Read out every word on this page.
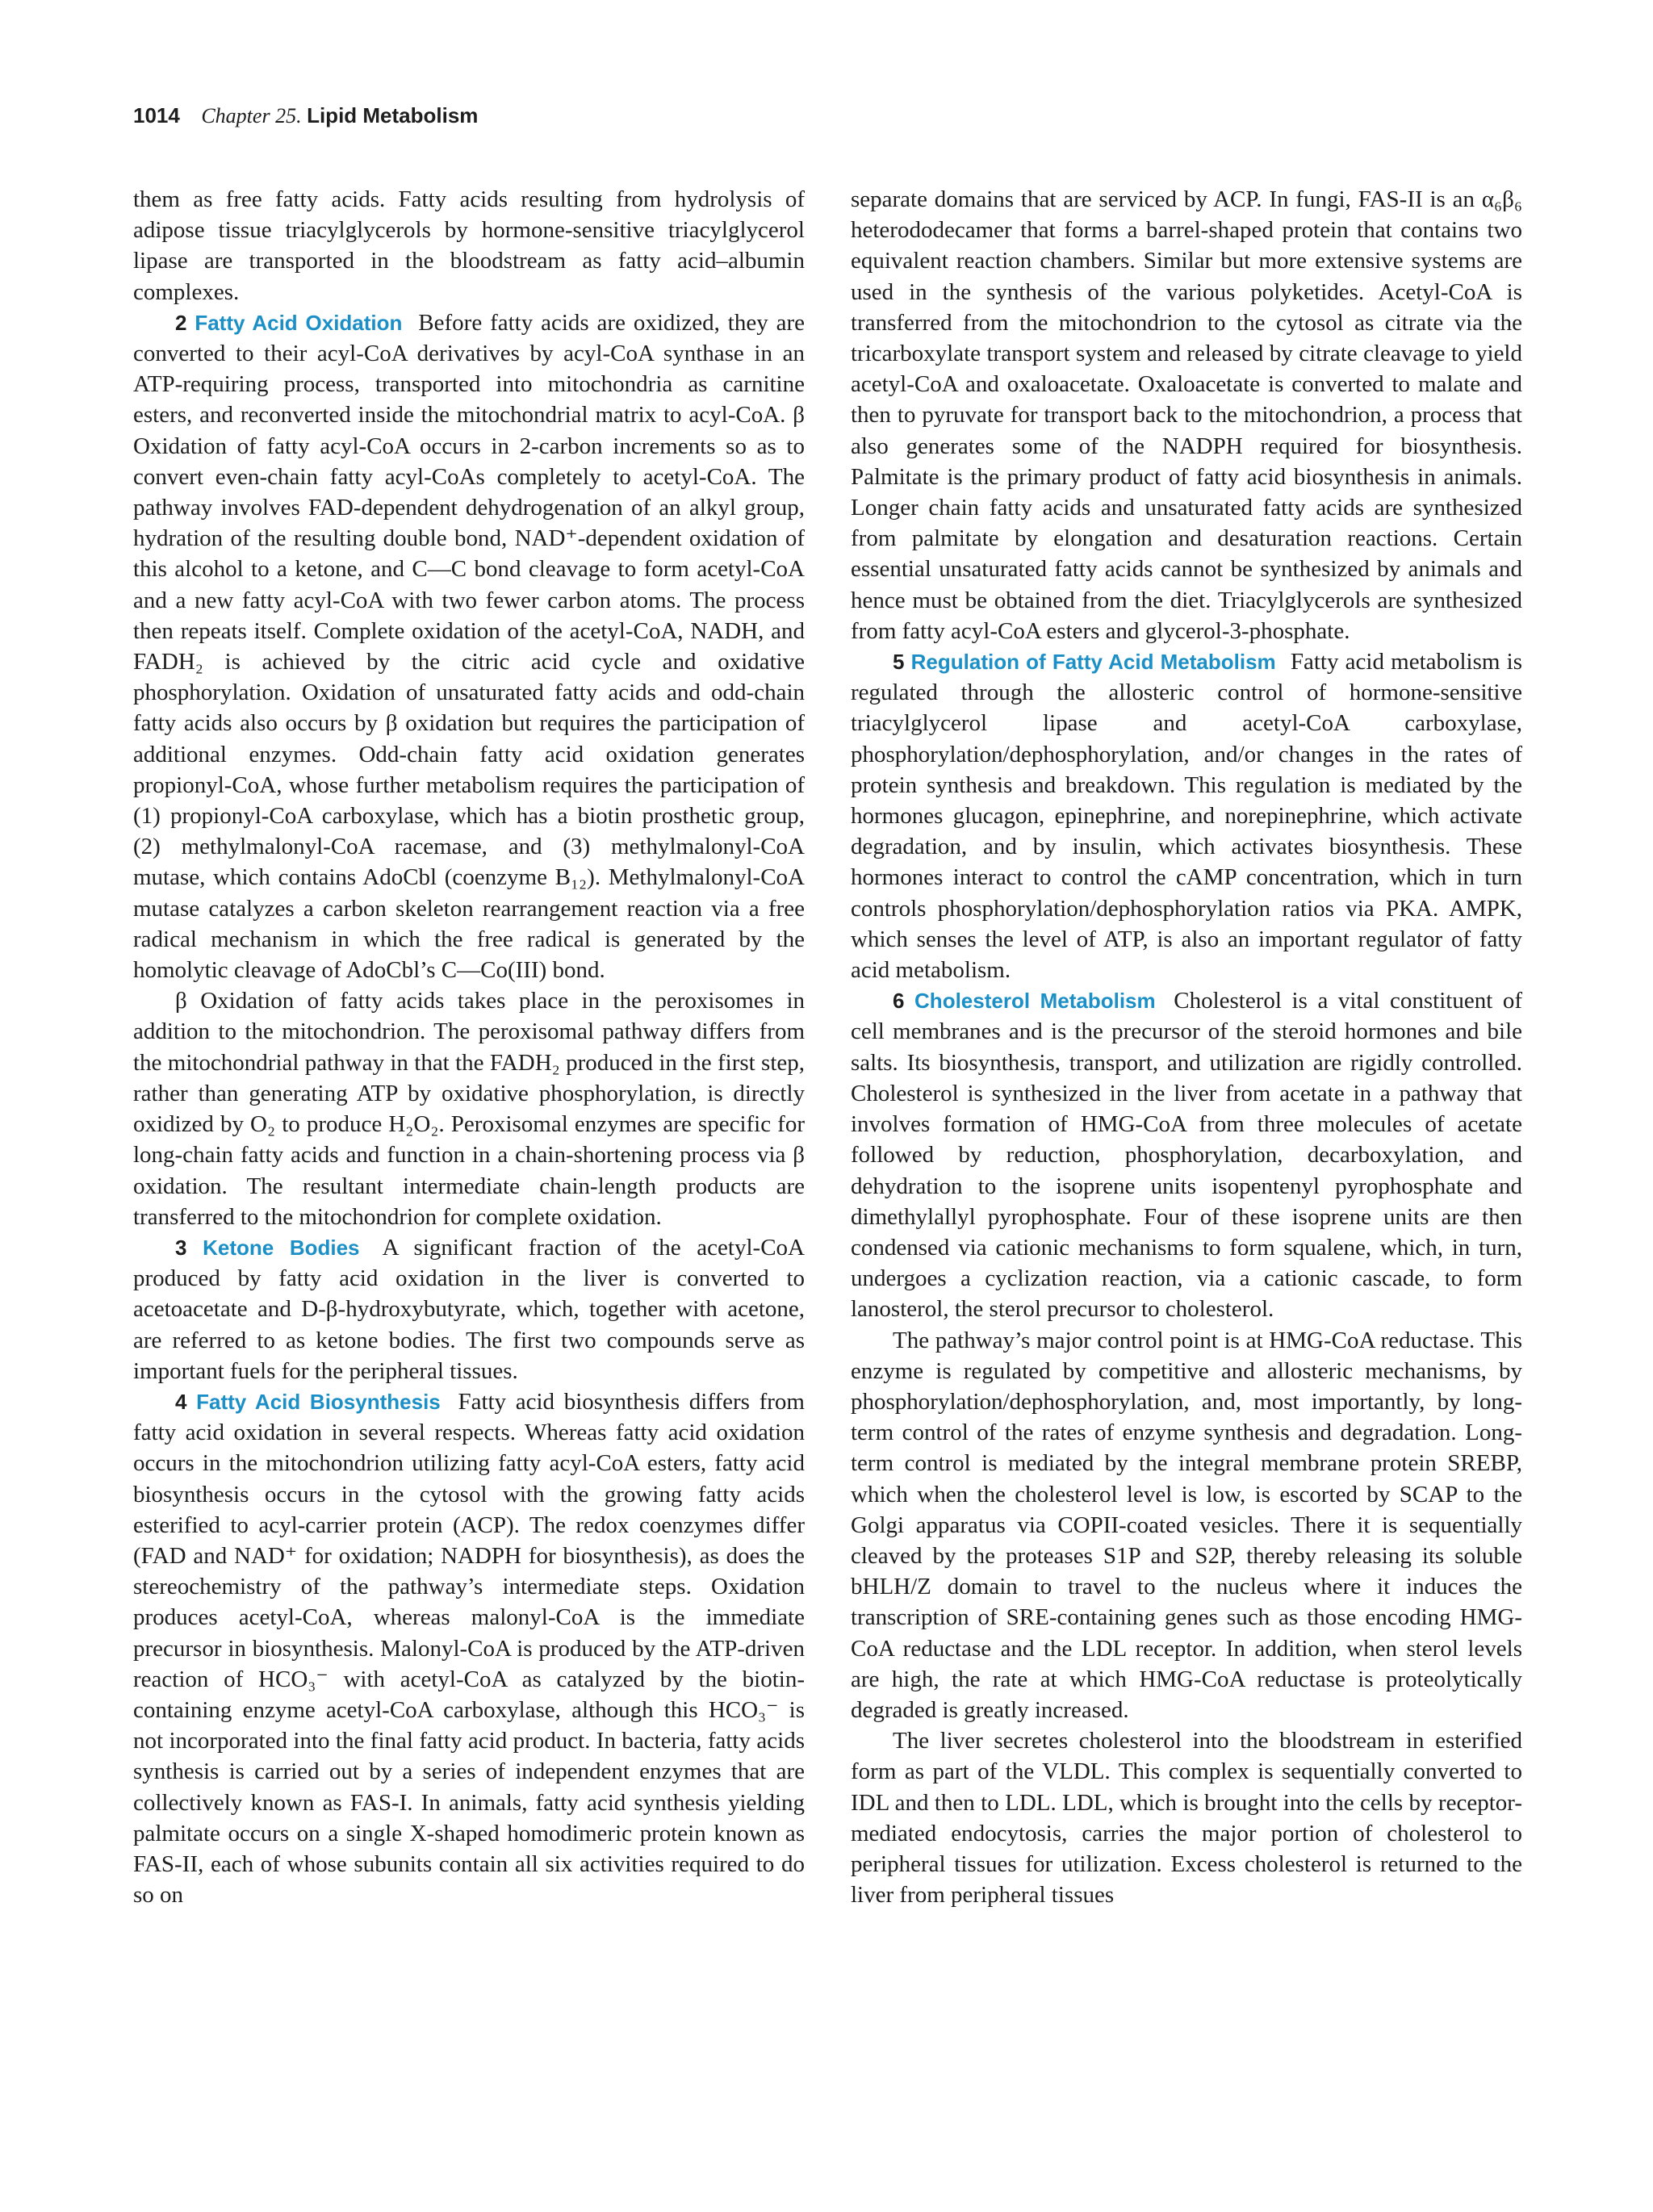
1014 Chapter 25. Lipid Metabolism

them as free fatty acids. Fatty acids resulting from hydrolysis of adipose tissue triacylglycerols by hormone-sensitive triacylglycerol lipase are transported in the bloodstream as fatty acid–albumin complexes.

2 Fatty Acid Oxidation Before fatty acids are oxidized, they are converted to their acyl-CoA derivatives by acyl-CoA synthase in an ATP-requiring process, transported into mitochondria as carnitine esters, and reconverted inside the mitochondrial matrix to acyl-CoA. β Oxidation of fatty acyl-CoA occurs in 2-carbon increments so as to convert even-chain fatty acyl-CoAs completely to acetyl-CoA. The pathway involves FAD-dependent dehydrogenation of an alkyl group, hydration of the resulting double bond, NAD⁺-dependent oxidation of this alcohol to a ketone, and C—C bond cleavage to form acetyl-CoA and a new fatty acyl-CoA with two fewer carbon atoms. The process then repeats itself. Complete oxidation of the acetyl-CoA, NADH, and FADH₂ is achieved by the citric acid cycle and oxidative phosphorylation. Oxidation of unsaturated fatty acids and odd-chain fatty acids also occurs by β oxidation but requires the participation of additional enzymes. Odd-chain fatty acid oxidation generates propionyl-CoA, whose further metabolism requires the participation of (1) propionyl-CoA carboxylase, which has a biotin prosthetic group, (2) methylmalonyl-CoA racemase, and (3) methylmalonyl-CoA mutase, which contains AdoCbl (coenzyme B₁₂). Methylmalonyl-CoA mutase catalyzes a carbon skeleton rearrangement reaction via a free radical mechanism in which the free radical is generated by the homolytic cleavage of AdoCbl’s C—Co(III) bond.

β Oxidation of fatty acids takes place in the peroxisomes in addition to the mitochondrion. The peroxisomal pathway differs from the mitochondrial pathway in that the FADH₂ produced in the first step, rather than generating ATP by oxidative phosphorylation, is directly oxidized by O₂ to produce H₂O₂. Peroxisomal enzymes are specific for long-chain fatty acids and function in a chain-shortening process via β oxidation. The resultant intermediate chain-length products are transferred to the mitochondrion for complete oxidation.

3 Ketone Bodies A significant fraction of the acetyl-CoA produced by fatty acid oxidation in the liver is converted to acetoacetate and D-β-hydroxybutyrate, which, together with acetone, are referred to as ketone bodies. The first two compounds serve as important fuels for the peripheral tissues.

4 Fatty Acid Biosynthesis Fatty acid biosynthesis differs from fatty acid oxidation in several respects. Whereas fatty acid oxidation occurs in the mitochondrion utilizing fatty acyl-CoA esters, fatty acid biosynthesis occurs in the cytosol with the growing fatty acids esterified to acyl-carrier protein (ACP). The redox coenzymes differ (FAD and NAD⁺ for oxidation; NADPH for biosynthesis), as does the stereochemistry of the pathway’s intermediate steps. Oxidation produces acetyl-CoA, whereas malonyl-CoA is the immediate precursor in biosynthesis. Malonyl-CoA is produced by the ATP-driven reaction of HCO₃⁻ with acetyl-CoA as catalyzed by the biotin-containing enzyme acetyl-CoA carboxylase, although this HCO₃⁻ is not incorporated into the final fatty acid product. In bacteria, fatty acids synthesis is carried out by a series of independent enzymes that are collectively known as FAS-I. In animals, fatty acid synthesis yielding palmitate occurs on a single X-shaped homodimeric protein known as FAS-II, each of whose subunits contain all six activities required to do so on

separate domains that are serviced by ACP. In fungi, FAS-II is an α₆β₆ heterododecamer that forms a barrel-shaped protein that contains two equivalent reaction chambers. Similar but more extensive systems are used in the synthesis of the various polyketides. Acetyl-CoA is transferred from the mitochondrion to the cytosol as citrate via the tricarboxylate transport system and released by citrate cleavage to yield acetyl-CoA and oxaloacetate. Oxaloacetate is converted to malate and then to pyruvate for transport back to the mitochondrion, a process that also generates some of the NADPH required for biosynthesis. Palmitate is the primary product of fatty acid biosynthesis in animals. Longer chain fatty acids and unsaturated fatty acids are synthesized from palmitate by elongation and desaturation reactions. Certain essential unsaturated fatty acids cannot be synthesized by animals and hence must be obtained from the diet. Triacylglycerols are synthesized from fatty acyl-CoA esters and glycerol-3-phosphate.

5 Regulation of Fatty Acid Metabolism Fatty acid metabolism is regulated through the allosteric control of hormone-sensitive triacylglycerol lipase and acetyl-CoA carboxylase, phosphorylation/dephosphorylation, and/or changes in the rates of protein synthesis and breakdown. This regulation is mediated by the hormones glucagon, epinephrine, and norepinephrine, which activate degradation, and by insulin, which activates biosynthesis. These hormones interact to control the cAMP concentration, which in turn controls phosphorylation/dephosphorylation ratios via PKA. AMPK, which senses the level of ATP, is also an important regulator of fatty acid metabolism.

6 Cholesterol Metabolism Cholesterol is a vital constituent of cell membranes and is the precursor of the steroid hormones and bile salts. Its biosynthesis, transport, and utilization are rigidly controlled. Cholesterol is synthesized in the liver from acetate in a pathway that involves formation of HMG-CoA from three molecules of acetate followed by reduction, phosphorylation, decarboxylation, and dehydration to the isoprene units isopentenyl pyrophosphate and dimethylallyl pyrophosphate. Four of these isoprene units are then condensed via cationic mechanisms to form squalene, which, in turn, undergoes a cyclization reaction, via a cationic cascade, to form lanosterol, the sterol precursor to cholesterol.

The pathway’s major control point is at HMG-CoA reductase. This enzyme is regulated by competitive and allosteric mechanisms, by phosphorylation/dephosphorylation, and, most importantly, by long-term control of the rates of enzyme synthesis and degradation. Long-term control is mediated by the integral membrane protein SREBP, which when the cholesterol level is low, is escorted by SCAP to the Golgi apparatus via COPII-coated vesicles. There it is sequentially cleaved by the proteases S1P and S2P, thereby releasing its soluble bHLH/Z domain to travel to the nucleus where it induces the transcription of SRE-containing genes such as those encoding HMG-CoA reductase and the LDL receptor. In addition, when sterol levels are high, the rate at which HMG-CoA reductase is proteolytically degraded is greatly increased.

The liver secretes cholesterol into the bloodstream in esterified form as part of the VLDL. This complex is sequentially converted to IDL and then to LDL. LDL, which is brought into the cells by receptor-mediated endocytosis, carries the major portion of cholesterol to peripheral tissues for utilization. Excess cholesterol is returned to the liver from peripheral tissues
